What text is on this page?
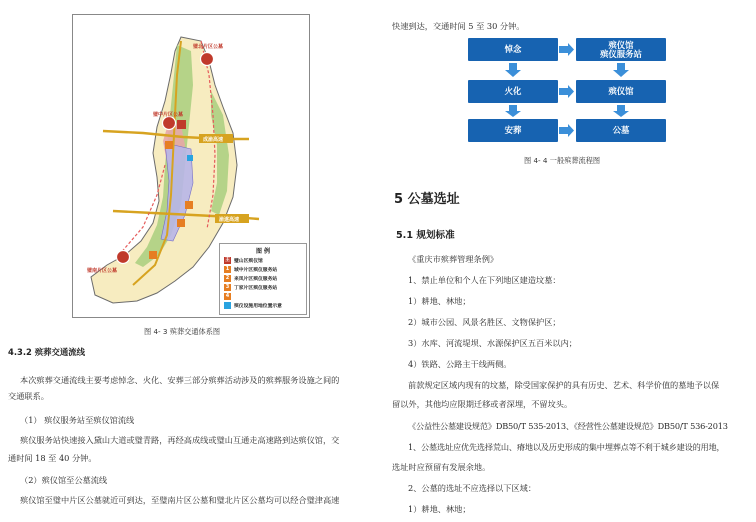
璧北片区公墓
璧中片区公墓
璧南片区公墓
成渝高速
渝遂高速
图 例
主 璧山区殡仪馆
1 城中片区殡仪服务站
2 来凤片区殡仪服务站
3 丁家片区殡仪服务站
4
殡仪设施用地位置示意
图 4- 3 殡葬交通体系图
4.3.2 殡葬交通流线
本次殡葬交通流线主要考虑悼念、火化、安葬三部分殡葬活动涉及的殡葬服务设施之间的
交通联系。
（1） 殡仪服务站至殡仪馆流线
殡仪服务站快速接入黛山大道或璧青路，再经高成线或璧山互通走高速路到达殡仪馆，交
通时间 18 至 40 分钟。
（2）殡仪馆至公墓流线
殡仪馆至璧中片区公墓就近可到达，至璧南片区公墓和璧北片区公墓均可以经合璧津高速
快速到达，交通时间 5 至 30 分钟。
悼念	殡仪馆
殡仪服务站
火化	殡仪馆
安葬	公墓
图 4- 4 一般殡葬流程图
5 公墓选址
5.1 规划标准
《重庆市殡葬管理条例》
1、禁止单位和个人在下列地区建造坟墓：
1）耕地、林地；
2）城市公园、风景名胜区、文物保护区；
3）水库、河流堤坝、水源保护区五百米以内；
4）铁路、公路主干线两侧。
前款规定区域内现有的坟墓，除受国家保护的具有历史、艺术、科学价值的墓地予以保
留以外，其他均应限期迁移或者深埋，不留坟头。
《公益性公墓建设规范》DB50/T 535-2013、《经营性公墓建设规范》DB50/T 536-2013
1、公墓选址应优先选择荒山、瘠地以及历史形成的集中埋葬点等不利于城乡建设的用地，
选址时应预留有发展余地。
2、公墓的选址不应选择以下区域：
1）耕地、林地；
